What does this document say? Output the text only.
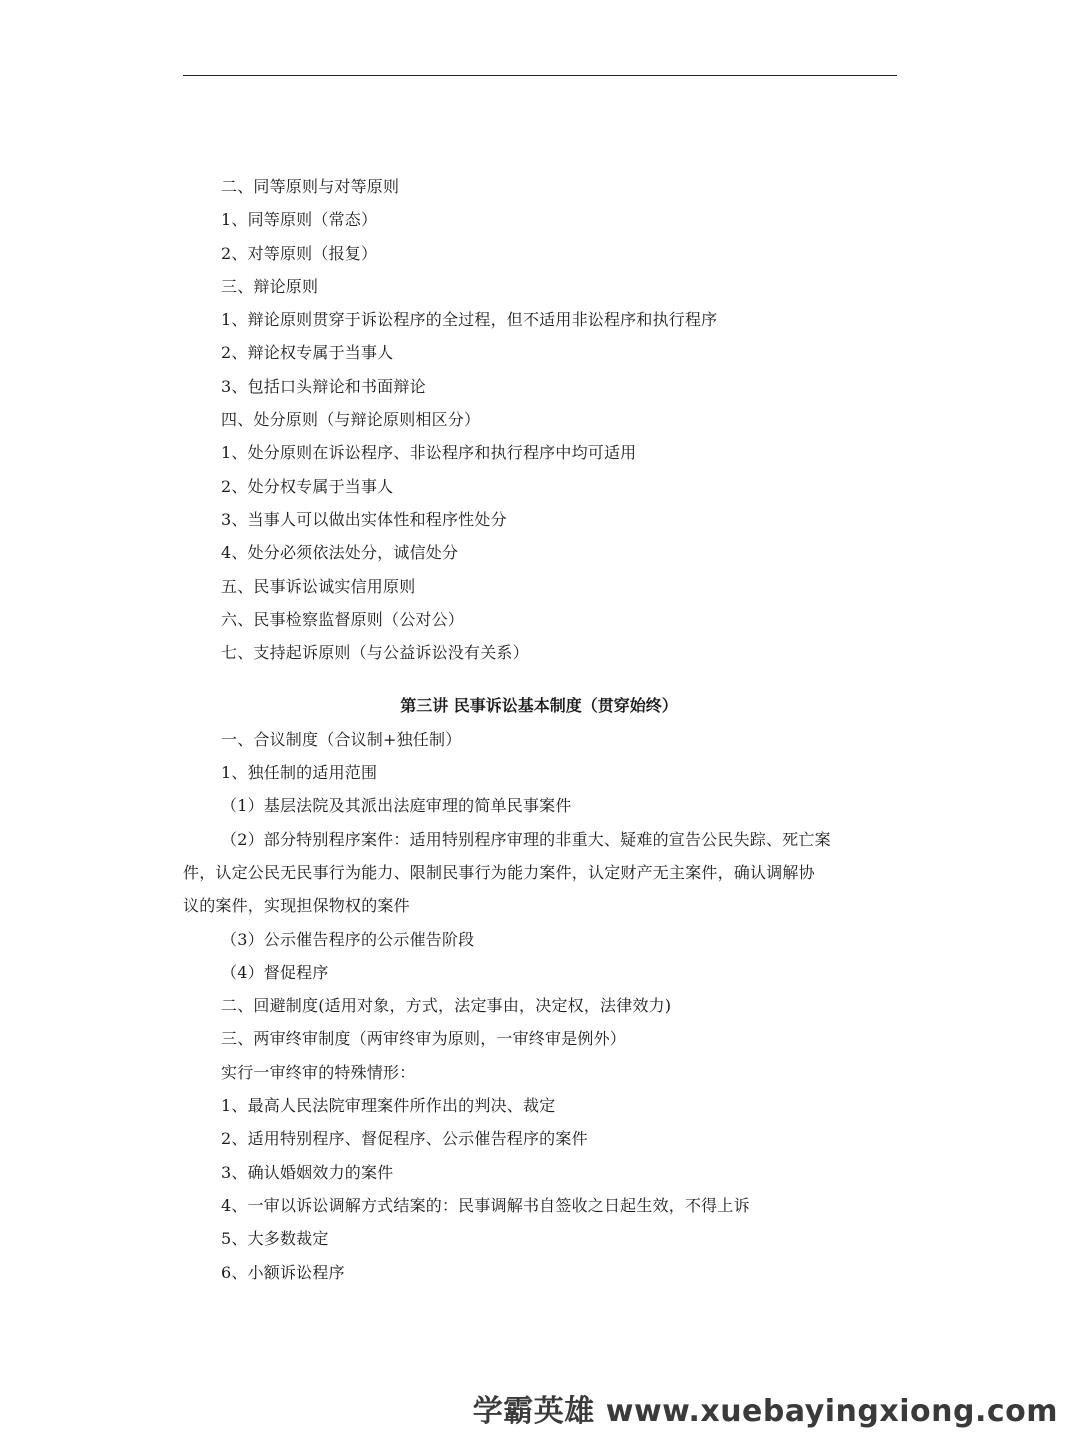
二、同等原则与对等原则
1、同等原则（常态）
2、对等原则（报复）
三、辩论原则
1、辩论原则贯穿于诉讼程序的全过程，但不适用非讼程序和执行程序
2、辩论权专属于当事人
3、包括口头辩论和书面辩论
四、处分原则（与辩论原则相区分）
1、处分原则在诉讼程序、非讼程序和执行程序中均可适用
2、处分权专属于当事人
3、当事人可以做出实体性和程序性处分
4、处分必须依法处分，诚信处分
五、民事诉讼诚实信用原则
六、民事检察监督原则（公对公）
七、支持起诉原则（与公益诉讼没有关系）
第三讲 民事诉讼基本制度（贯穿始终）
一、合议制度（合议制+独任制）
1、独任制的适用范围
（1）基层法院及其派出法庭审理的简单民事案件
（2）部分特别程序案件：适用特别程序审理的非重大、疑难的宣告公民失踪、死亡案
件，认定公民无民事行为能力、限制民事行为能力案件，认定财产无主案件，确认调解协
议的案件，实现担保物权的案件
（3）公示催告程序的公示催告阶段
（4）督促程序
二、回避制度(适用对象，方式，法定事由，决定权，法律效力)
三、两审终审制度（两审终审为原则，一审终审是例外）
实行一审终审的特殊情形：
1、最高人民法院审理案件所作出的判决、裁定
2、适用特别程序、督促程序、公示催告程序的案件
3、确认婚姻效力的案件
4、一审以诉讼调解方式结案的：民事调解书自签收之日起生效，不得上诉
5、大多数裁定
6、小额诉讼程序
学霸英雄 www.xuebayingxiong.com
